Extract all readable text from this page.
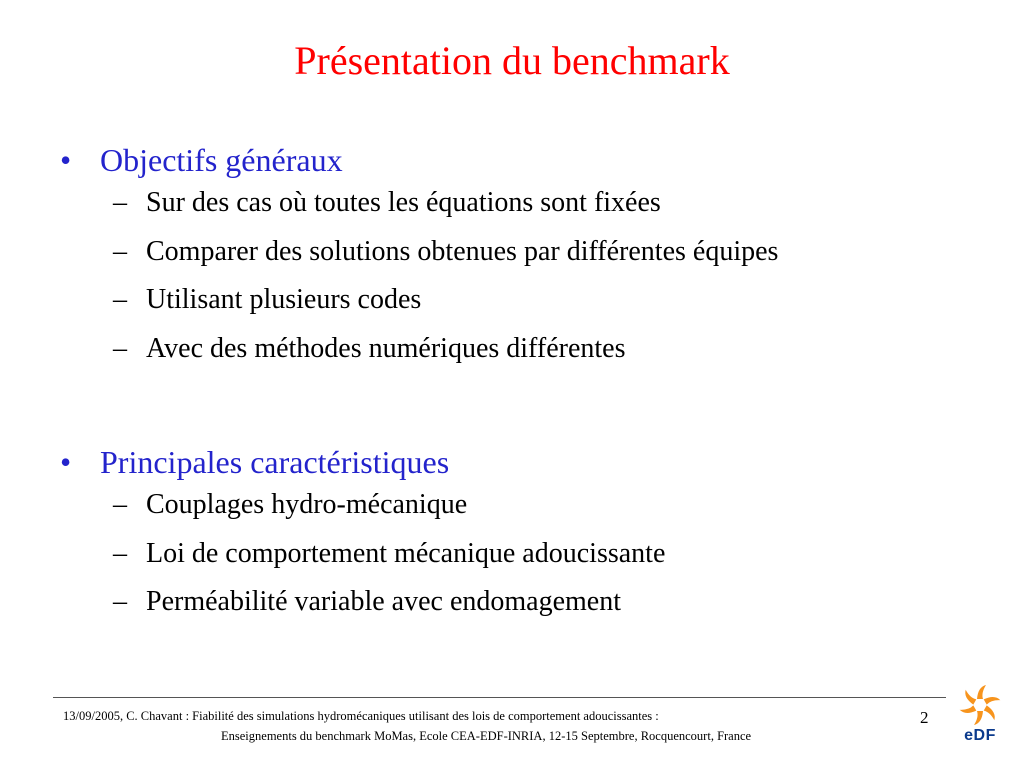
Présentation du benchmark
• Objectifs généraux
– Sur des cas où toutes les équations sont fixées
– Comparer des solutions obtenues par différentes équipes
– Utilisant plusieurs codes
– Avec des méthodes numériques différentes
• Principales caractéristiques
– Couplages hydro-mécanique
– Loi de comportement mécanique adoucissante
– Perméabilité variable avec endomagement
13/09/2005, C. Chavant : Fiabilité des simulations hydromécaniques utilisant des lois de comportement adoucissantes :
Enseignements du benchmark MoMas, Ecole CEA-EDF-INRIA, 12-15 Septembre, Rocquencourt, France
2
eDF
